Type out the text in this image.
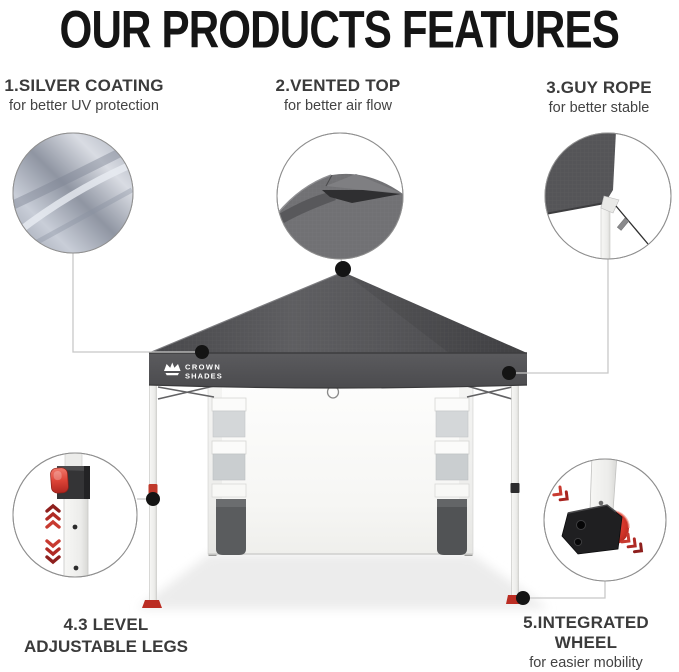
OUR PRODUCTS FEATURES
1.SILVER COATING
for better UV protection
2.VENTED TOP
for better air flow
3.GUY ROPE
for better stable
4.3 LEVEL
ADJUSTABLE LEGS
5.INTEGRATED WHEEL
for easier mobility
CROWN
SHADES
